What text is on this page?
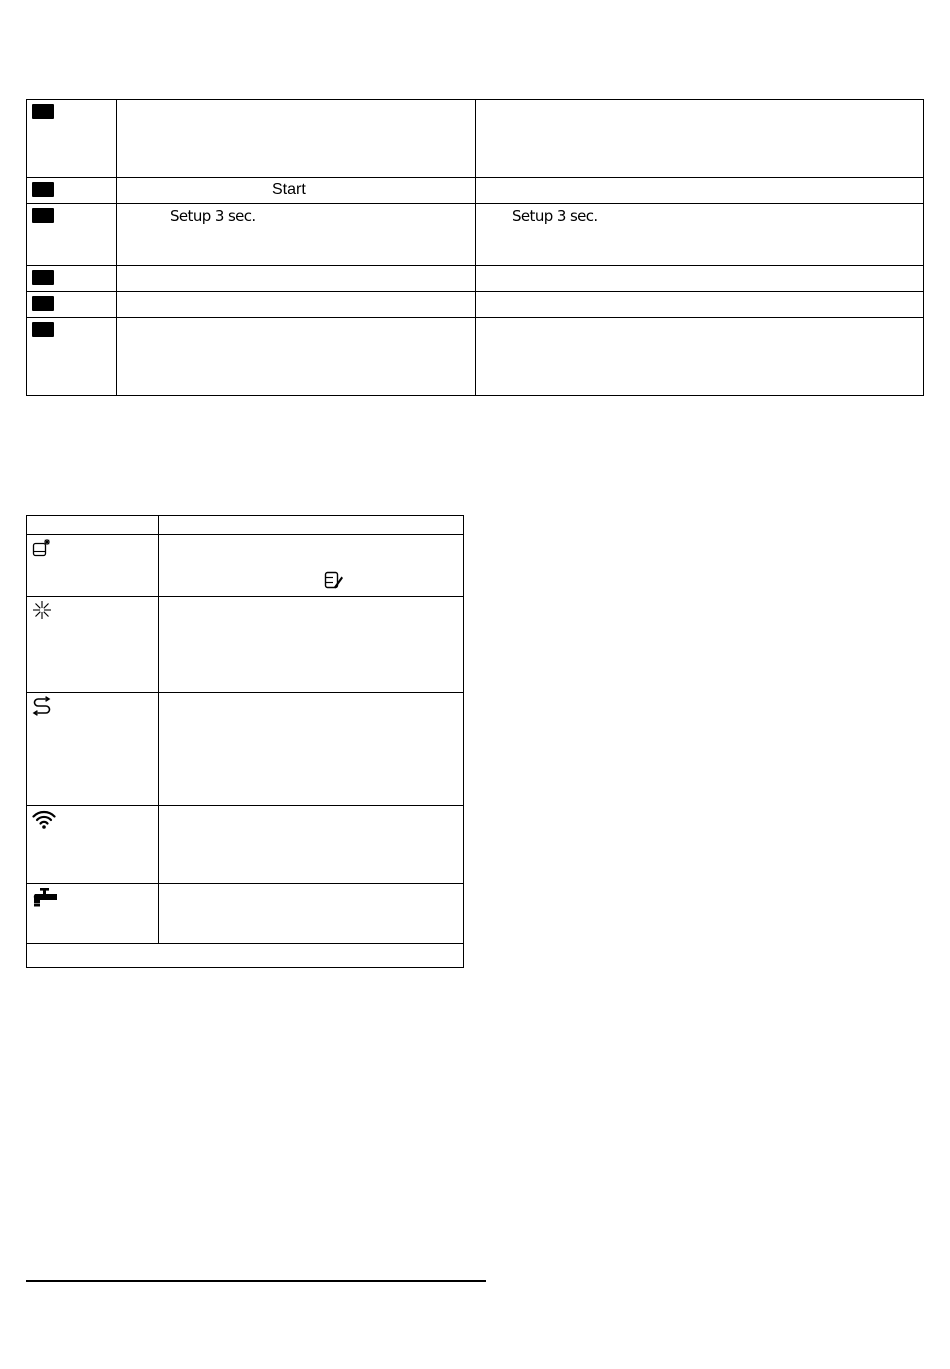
	Start	

	Setup 3 sec.	Setup 3 sec.
